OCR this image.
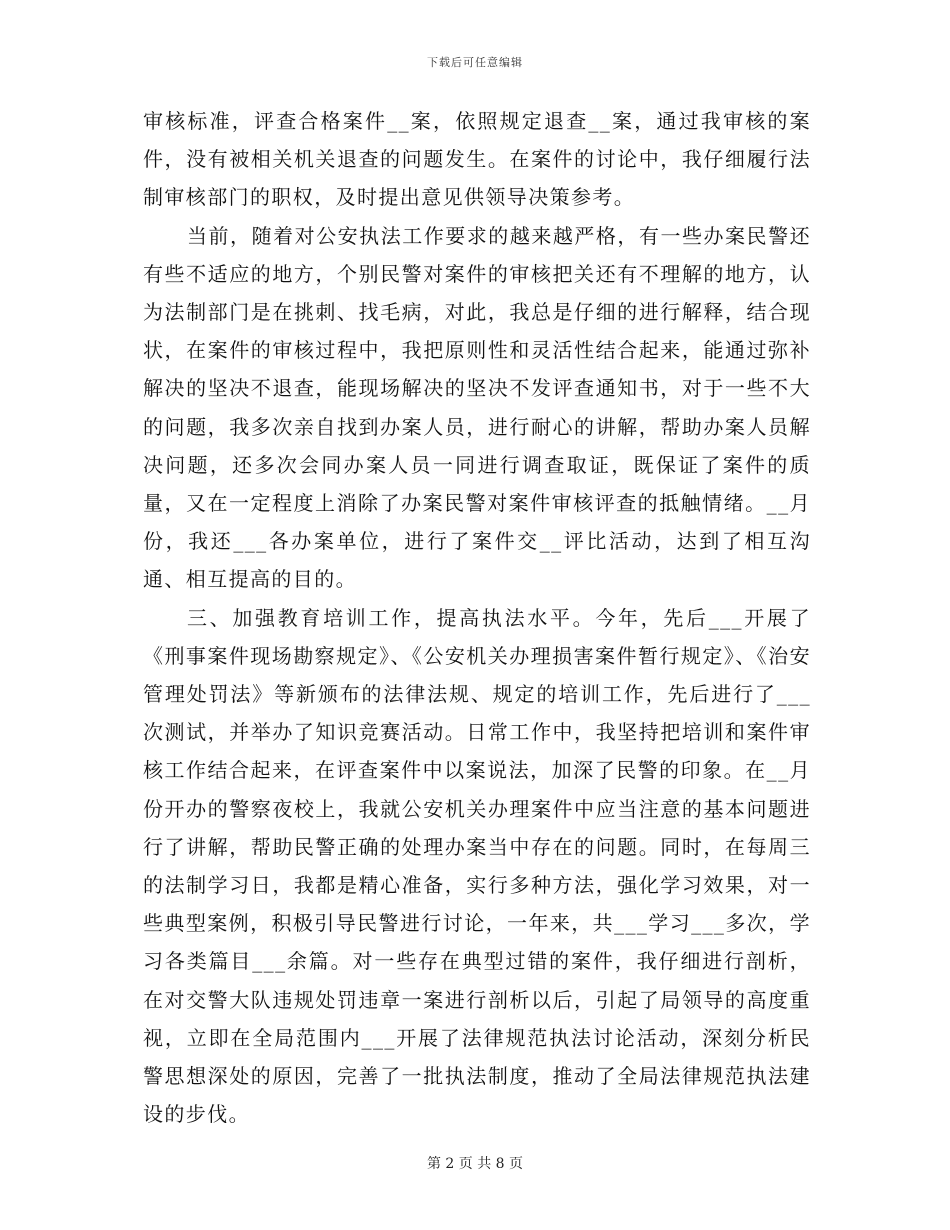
下载后可任意编辑

审核标准，评查合格案件__案，依照规定退查__案，通过我审核的案件，没有被相关机关退查的问题发生。在案件的讨论中，我仔细履行法制审核部门的职权，及时提出意见供领导决策参考。

当前，随着对公安执法工作要求的越来越严格，有一些办案民警还有些不适应的地方，个别民警对案件的审核把关还有不理解的地方，认为法制部门是在挑刺、找毛病，对此，我总是仔细的进行解释，结合现状，在案件的审核过程中，我把原则性和灵活性结合起来，能通过弥补解决的坚决不退查，能现场解决的坚决不发评查通知书，对于一些不大的问题，我多次亲自找到办案人员，进行耐心的讲解，帮助办案人员解决问题，还多次会同办案人员一同进行调查取证，既保证了案件的质量，又在一定程度上消除了办案民警对案件审核评查的抵触情绪。__月份，我还___各办案单位，进行了案件交__评比活动，达到了相互沟通、相互提高的目的。

三、加强教育培训工作，提高执法水平。今年，先后___开展了《刑事案件现场勘察规定》、《公安机关办理损害案件暂行规定》、《治安管理处罚法》等新颁布的法律法规、规定的培训工作，先后进行了___次测试，并举办了知识竞赛活动。日常工作中，我坚持把培训和案件审核工作结合起来，在评查案件中以案说法，加深了民警的印象。在__月份开办的警察夜校上，我就公安机关办理案件中应当注意的基本问题进行了讲解，帮助民警正确的处理办案当中存在的问题。同时，在每周三的法制学习日，我都是精心准备，实行多种方法，强化学习效果，对一些典型案例，积极引导民警进行讨论，一年来，共___学习___多次，学习各类篇目___余篇。对一些存在典型过错的案件，我仔细进行剖析，在对交警大队违规处罚违章一案进行剖析以后，引起了局领导的高度重视，立即在全局范围内___开展了法律规范执法讨论活动，深刻分析民警思想深处的原因，完善了一批执法制度，推动了全局法律规范执法建设的步伐。

第 2 页 共 8 页
